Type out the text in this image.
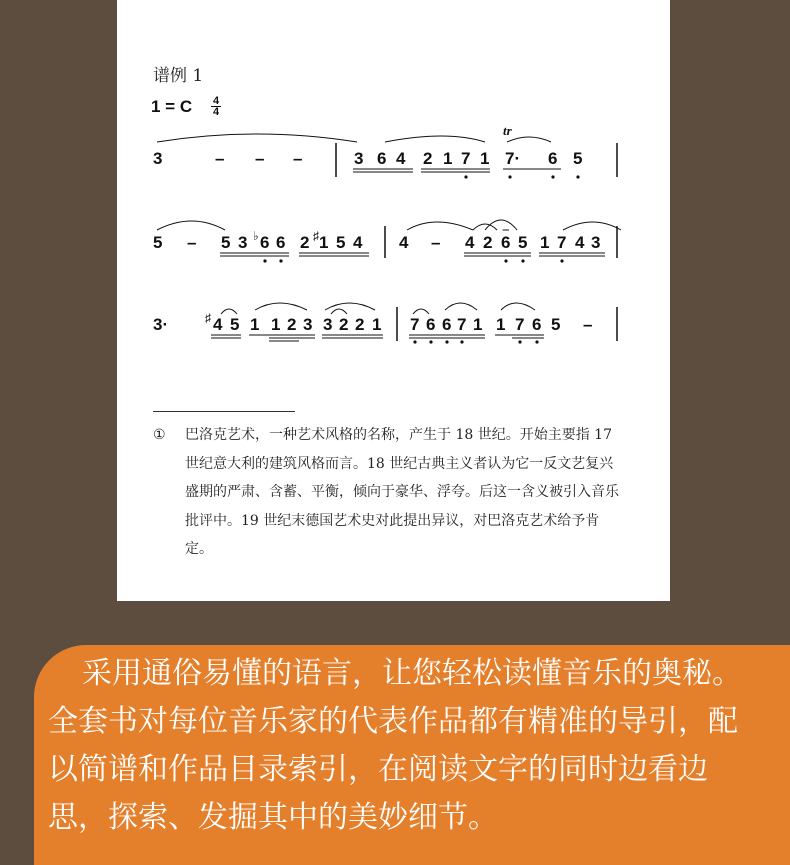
谱例 1
1 = C 4
4
3	– – –	3 6 4 2 1 7 1
tr
7· 6 5
5 – 5 3 ♭ 6 6 2 ♯ 1 5 4 4 – 4 2 6 5 1 7 4 3
3·	♯ 4 5 1 1 2 3 3 2 2 1 7 6 6 7 1 1 7 6 5 –
① 巴洛克艺术，一种艺术风格的名称，产生于 18 世纪。开始主要指 17 世纪意大利的建筑风格而言。18 世纪古典主义者认为它一反文艺复兴盛期的严肃、含蓄、平衡，倾向于豪华、浮夸。后这一含义被引入音乐批评中。19 世纪末德国艺术史对此提出异议，对巴洛克艺术给予肯定。
采用通俗易懂的语言，让您轻松读懂音乐的奥秘。全套书对每位音乐家的代表作品都有精准的导引，配以简谱和作品目录索引，在阅读文字的同时边看边思，探索、发掘其中的美妙细节。
